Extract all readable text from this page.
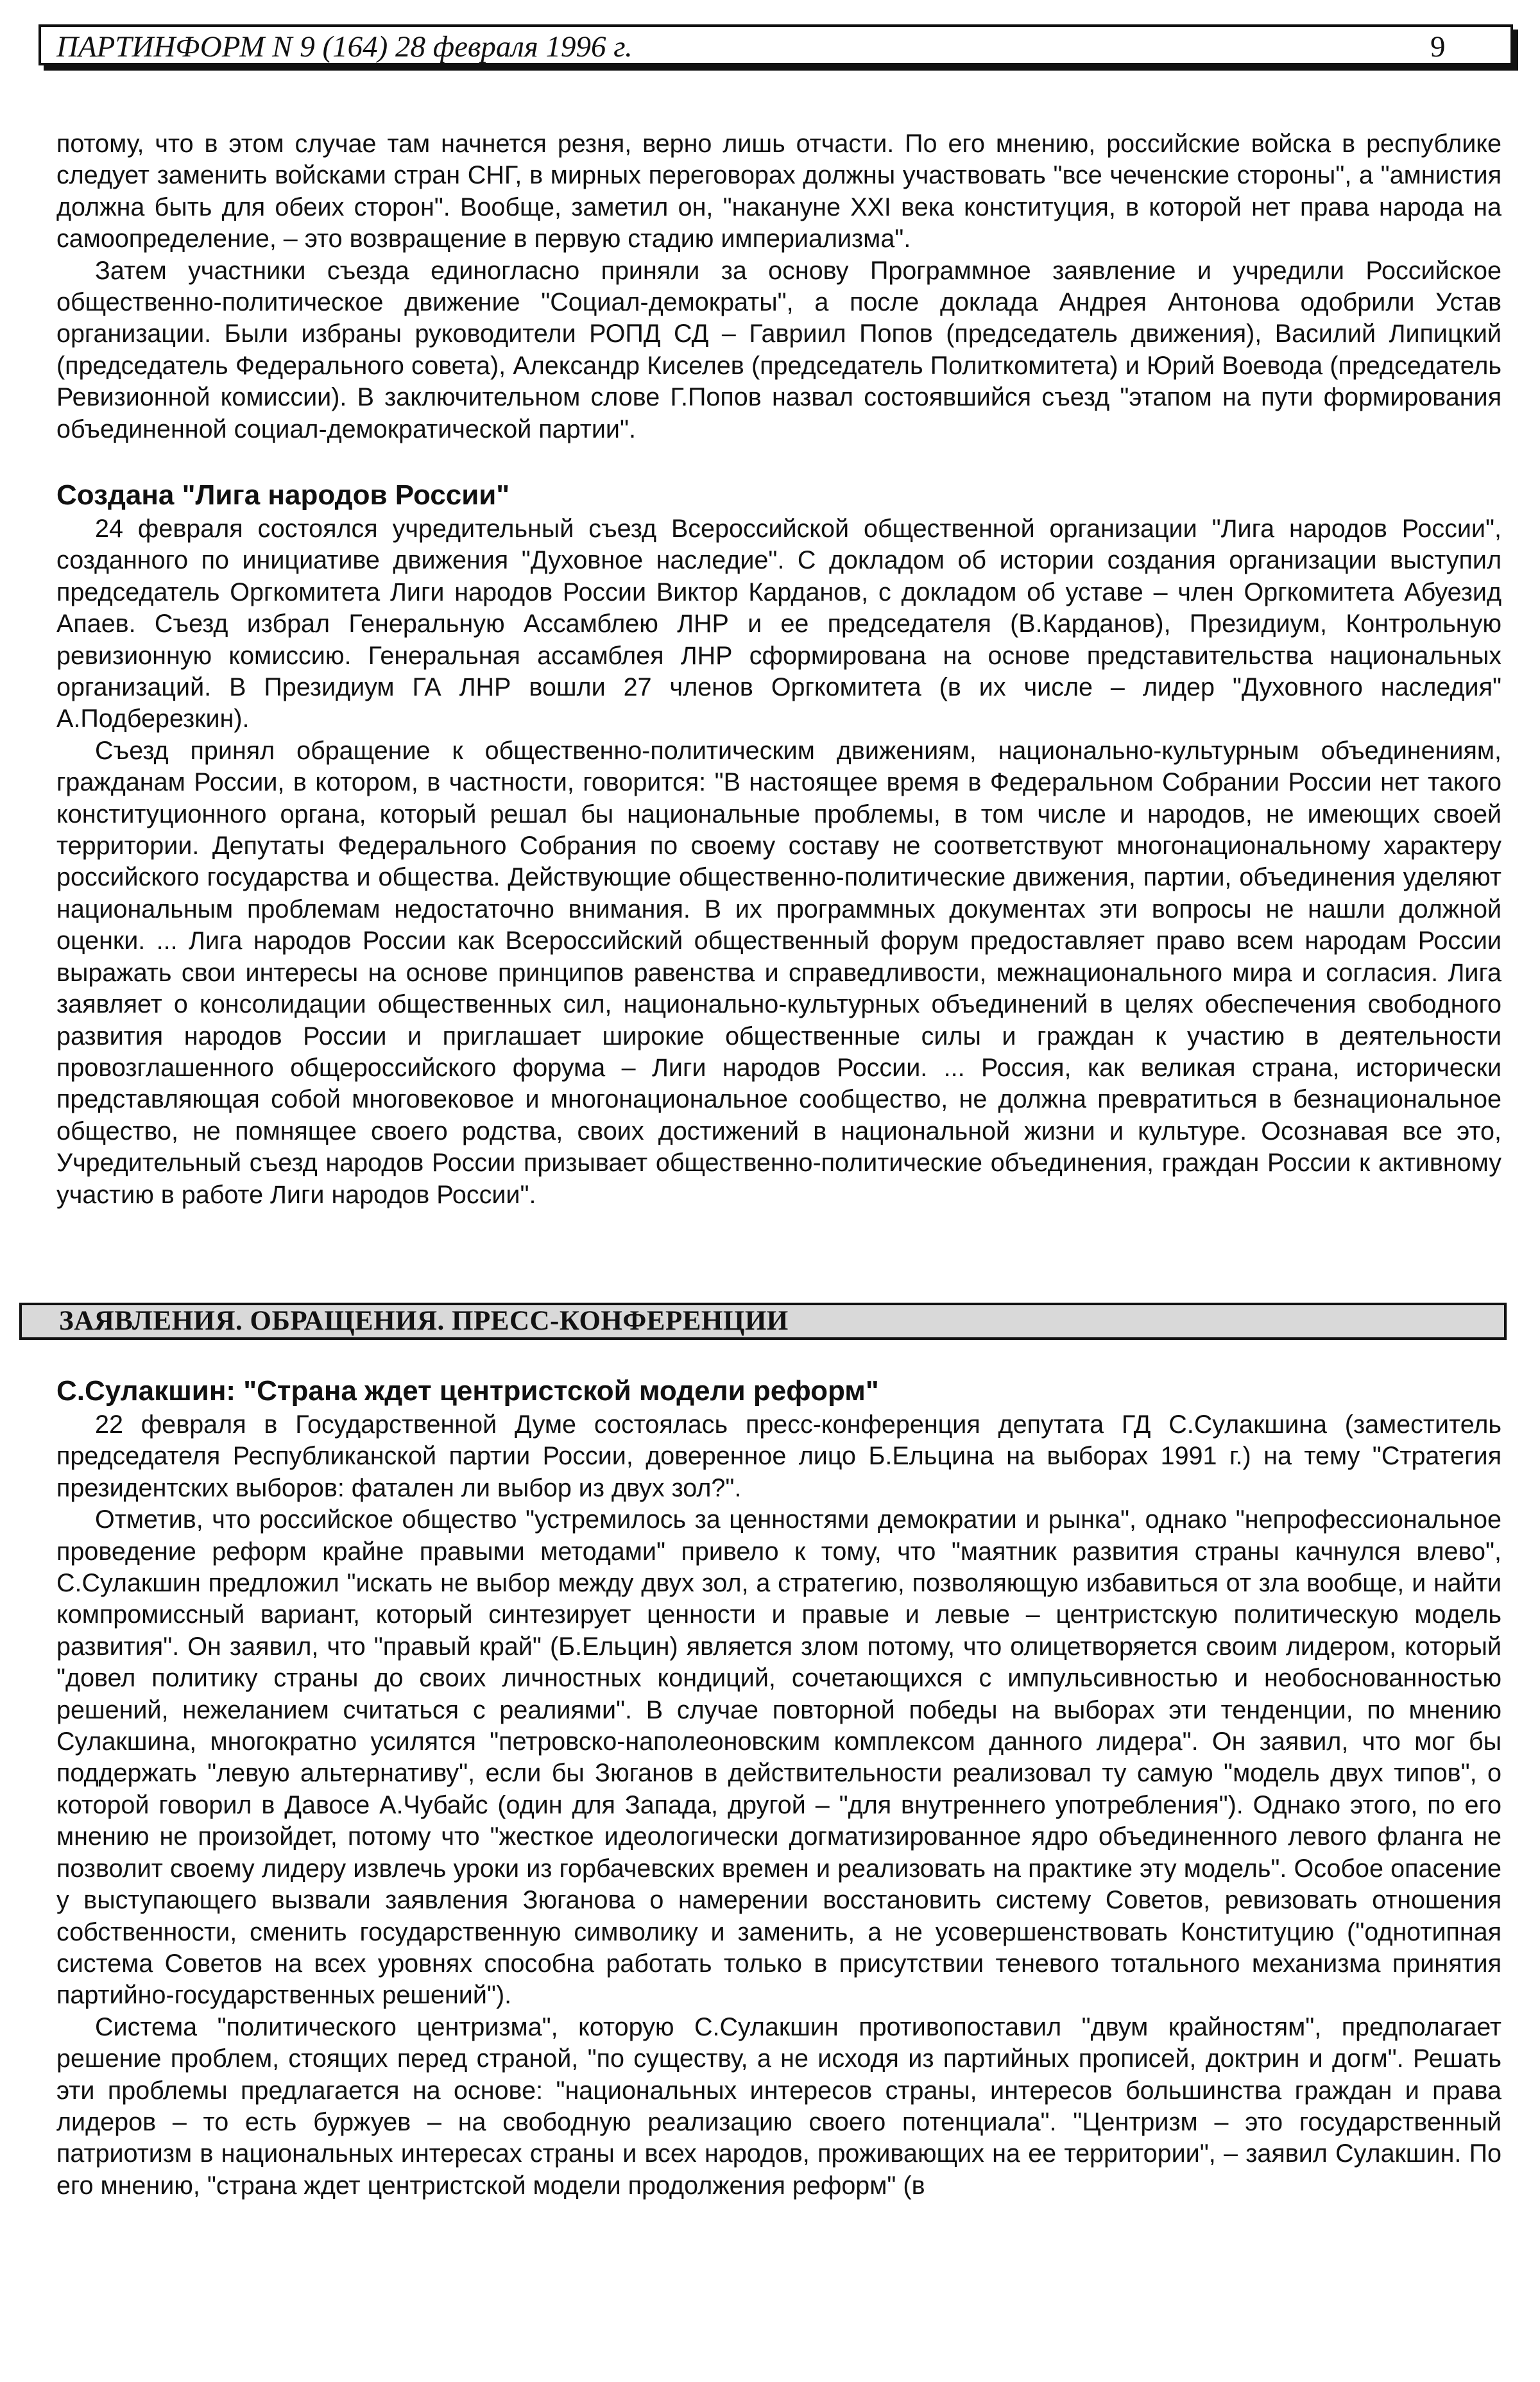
ПАРТИНФОРМ N 9 (164) 28 февраля 1996 г.	9

потому, что в этом случае там начнется резня, верно лишь отчасти. По его мнению, российские войска в республике следует заменить войсками стран СНГ, в мирных переговорах должны участвовать "все чеченские стороны", а "амнистия должна быть для обеих сторон". Вообще, заметил он, "накануне XXI века конституция, в которой нет права народа на самоопределение, – это возвращение в первую стадию империализма".

Затем участники съезда единогласно приняли за основу Программное заявление и учредили Российское общественно-политическое движение "Социал-демократы", а после доклада Андрея Антонова одобрили Устав организации. Были избраны руководители РОПД СД – Гавриил Попов (председатель движения), Василий Липицкий (председатель Федерального совета), Александр Киселев (председатель Политкомитета) и Юрий Воевода (председатель Ревизионной комиссии). В заключительном слове Г.Попов назвал состоявшийся съезд "этапом на пути формирования объединенной социал-демократической партии".

Создана "Лига народов России"

24 февраля состоялся учредительный съезд Всероссийской общественной организации "Лига народов России", созданного по инициативе движения "Духовное наследие". С докладом об истории создания организации выступил председатель Оргкомитета Лиги народов России Виктор Карданов, с докладом об уставе – член Оргкомитета Абуезид Апаев. Съезд избрал Генеральную Ассамблею ЛНР и ее председателя (В.Карданов), Президиум, Контрольную ревизионную комиссию. Генеральная ассамблея ЛНР сформирована на основе представительства национальных организаций. В Президиум ГА ЛНР вошли 27 членов Оргкомитета (в их числе – лидер "Духовного наследия" А.Подберезкин).

Съезд принял обращение к общественно-политическим движениям, национально-культурным объединениям, гражданам России, в котором, в частности, говорится: "В настоящее время в Федеральном Собрании России нет такого конституционного органа, который решал бы национальные проблемы, в том числе и народов, не имеющих своей территории. Депутаты Федерального Собрания по своему составу не соответствуют многонациональному характеру российского государства и общества. Действующие общественно-политические движения, партии, объединения уделяют национальным проблемам недостаточно внимания. В их программных документах эти вопросы не нашли должной оценки. ... Лига народов России как Всероссийский общественный форум предоставляет право всем народам России выражать свои интересы на основе принципов равенства и справедливости, межнационального мира и согласия. Лига заявляет о консолидации общественных сил, национально-культурных объединений в целях обеспечения свободного развития народов России и приглашает широкие общественные силы и граждан к участию в деятельности провозглашенного общероссийского форума – Лиги народов России. ... Россия, как великая страна, исторически представляющая собой многовековое и многонациональное сообщество, не должна превратиться в безнациональное общество, не помнящее своего родства, своих достижений в национальной жизни и культуре. Осознавая все это, Учредительный съезд народов России призывает общественно-политические объединения, граждан России к активному участию в работе Лиги народов России".

ЗАЯВЛЕНИЯ. ОБРАЩЕНИЯ. ПРЕСС-КОНФЕРЕНЦИИ
С.Сулакшин: "Страна ждет центристской модели реформ"

22 февраля в Государственной Думе состоялась пресс-конференция депутата ГД С.Сулакшина (заместитель председателя Республиканской партии России, доверенное лицо Б.Ельцина на выборах 1991 г.) на тему "Стратегия президентских выборов: фатален ли выбор из двух зол?".

Отметив, что российское общество "устремилось за ценностями демократии и рынка", однако "непрофессиональное проведение реформ крайне правыми методами" привело к тому, что "маятник развития страны качнулся влево", С.Сулакшин предложил "искать не выбор между двух зол, а стратегию, позволяющую избавиться от зла вообще, и найти компромиссный вариант, который синтезирует ценности и правые и левые – центристскую политическую модель развития". Он заявил, что "правый край" (Б.Ельцин) является злом потому, что олицетворяется своим лидером, который "довел политику страны до своих личностных кондиций, сочетающихся с импульсивностью и необоснованностью решений, нежеланием считаться с реалиями". В случае повторной победы на выборах эти тенденции, по мнению Сулакшина, многократно усилятся "петровско-наполеоновским комплексом данного лидера". Он заявил, что мог бы поддержать "левую альтернативу", если бы Зюганов в действительности реализовал ту самую "модель двух типов", о которой говорил в Давосе А.Чубайс (один для Запада, другой – "для внутреннего употребления"). Однако этого, по его мнению не произойдет, потому что "жесткое идеологически догматизированное ядро объединенного левого фланга не позволит своему лидеру извлечь уроки из горбачевских времен и реализовать на практике эту модель". Особое опасение у выступающего вызвали заявления Зюганова о намерении восстановить систему Советов, ревизовать отношения собственности, сменить государственную символику и заменить, а не усовершенствовать Конституцию ("однотипная система Советов на всех уровнях способна работать только в присутствии теневого тотального механизма принятия партийно-государственных решений").

Система "политического центризма", которую С.Сулакшин противопоставил "двум крайностям", предполагает решение проблем, стоящих перед страной, "по существу, а не исходя из партийных прописей, доктрин и догм". Решать эти проблемы предлагается на основе: "национальных интересов страны, интересов большинства граждан и права лидеров – то есть буржуев – на свободную реализацию своего потенциала". "Центризм – это государственный патриотизм в национальных интересах страны и всех народов, проживающих на ее территории", – заявил Сулакшин. По его мнению, "страна ждет центристской модели продолжения реформ" (в
